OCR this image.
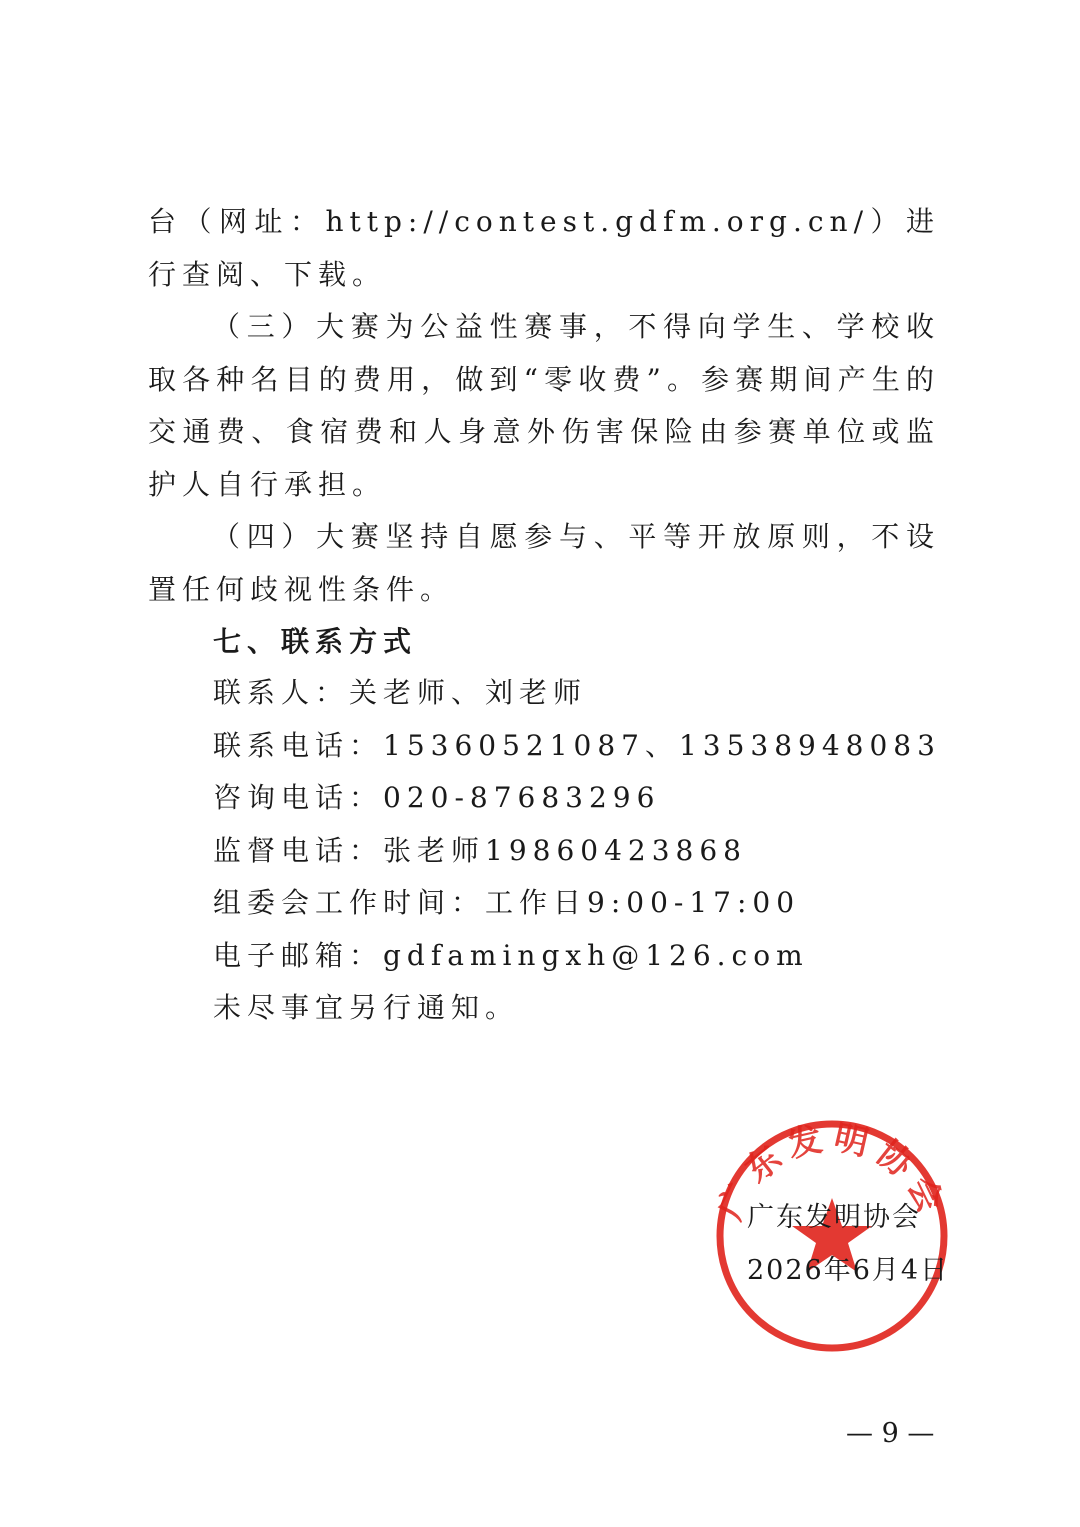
台（网址：http://contest.gdfm.org.cn/）进行查阅、下载。

（三）大赛为公益性赛事，不得向学生、学校收取各种名目的费用，做到“零收费”。参赛期间产生的交通费、食宿费和人身意外伤害保险由参赛单位或监护人自行承担。

（四）大赛坚持自愿参与、平等开放原则，不设置任何歧视性条件。

七、联系方式

联系人：关老师、刘老师

联系电话：15360521087、13538948083

咨询电话：020-87683296

监督电话：张老师19860423868

组委会工作时间：工作日9:00-17:00

电子邮箱：gdfamingxh@126.com

未尽事宜另行通知。

广东发明协会

广东发明协会

2026年6月4日

— 9 —
